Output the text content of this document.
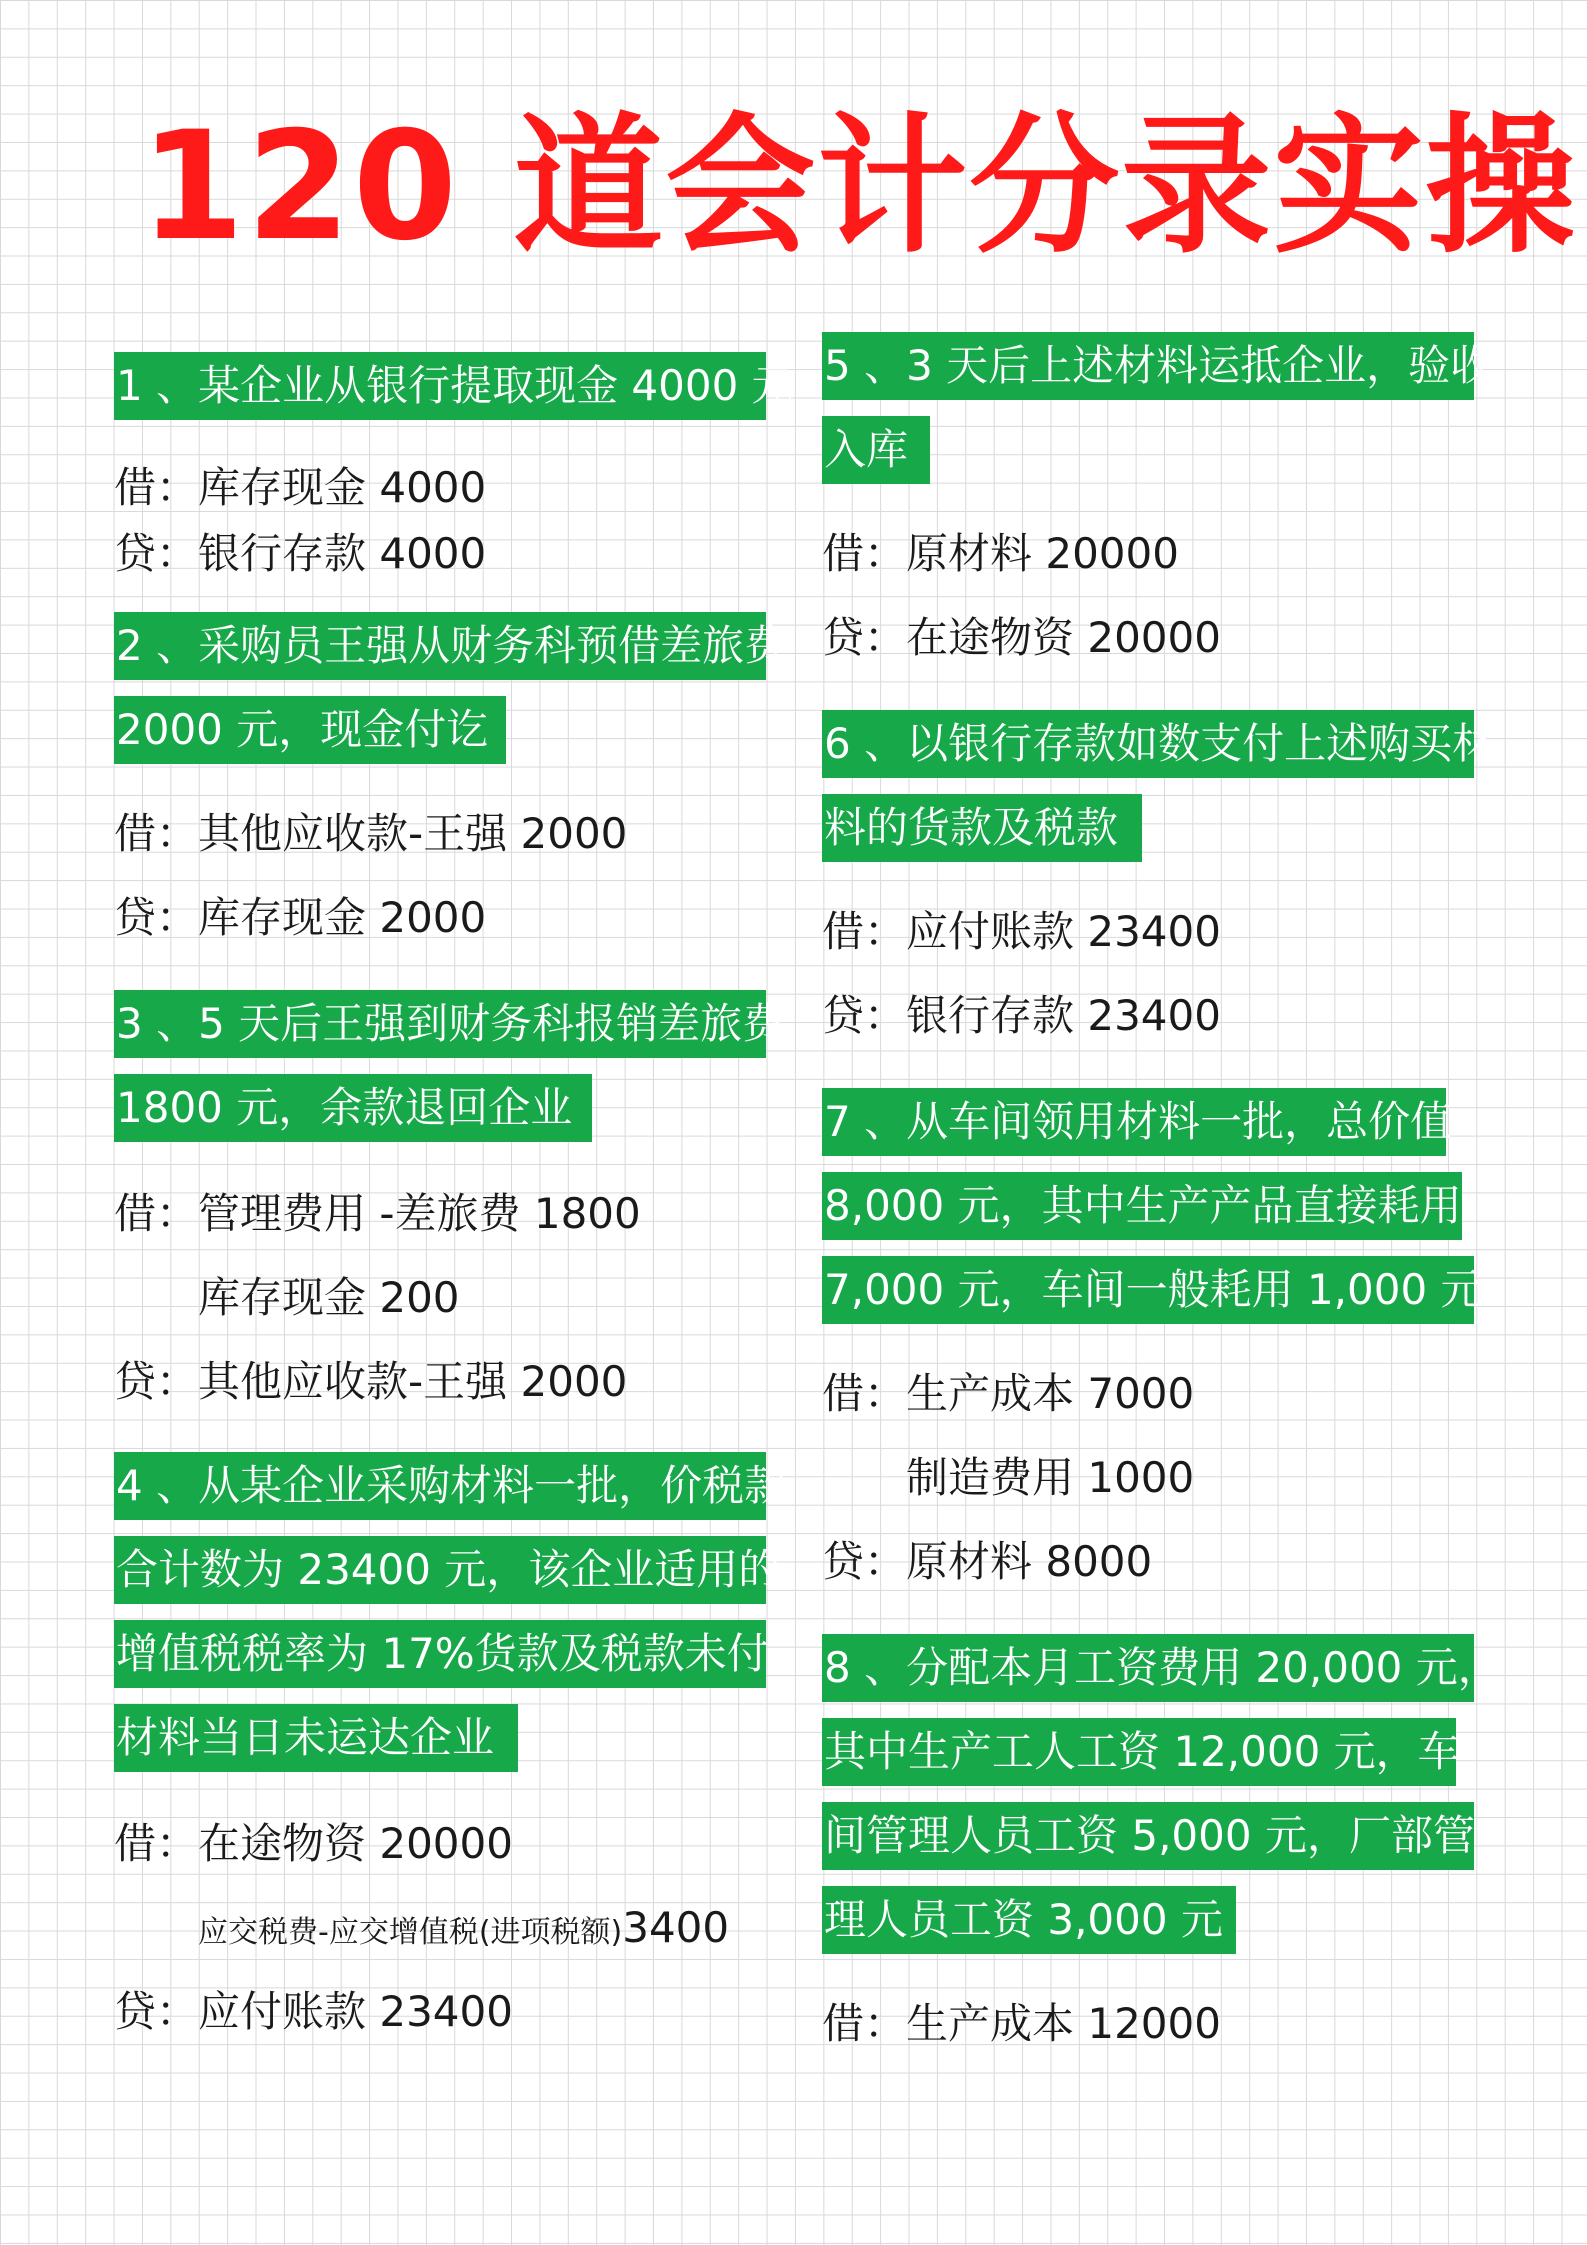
120 道会计分录实操
1 、某企业从银行提取现金 4000 元
借：库存现金 4000
贷：银行存款 4000
2 、采购员王强从财务科预借差旅费
2000 元，现金付讫
借：其他应收款-王强 2000
贷：库存现金 2000
3 、5 天后王强到财务科报销差旅费
1800 元，余款退回企业
借：管理费用 -差旅费 1800
库存现金 200
贷：其他应收款-王强 2000
4 、从某企业采购材料一批，价税款
合计数为 23400 元，该企业适用的
增值税税率为 17%货款及税款未付
材料当日未运达企业
借：在途物资 20000
应交税费-应交增值税(进项税额)3400
贷：应付账款 23400
5 、3 天后上述材料运抵企业，验收
入库
借：原材料 20000
贷：在途物资 20000
6 、以银行存款如数支付上述购买材
料的货款及税款
借：应付账款 23400
贷：银行存款 23400
7 、从车间领用材料一批，总价值
8,000 元，其中生产产品直接耗用
7,000 元，车间一般耗用 1,000 元
借：生产成本 7000
制造费用 1000
贷：原材料 8000
8 、分配本月工资费用 20,000 元，
其中生产工人工资 12,000 元，车
间管理人员工资 5,000 元，厂部管
理人员工资 3,000 元
借：生产成本 12000
